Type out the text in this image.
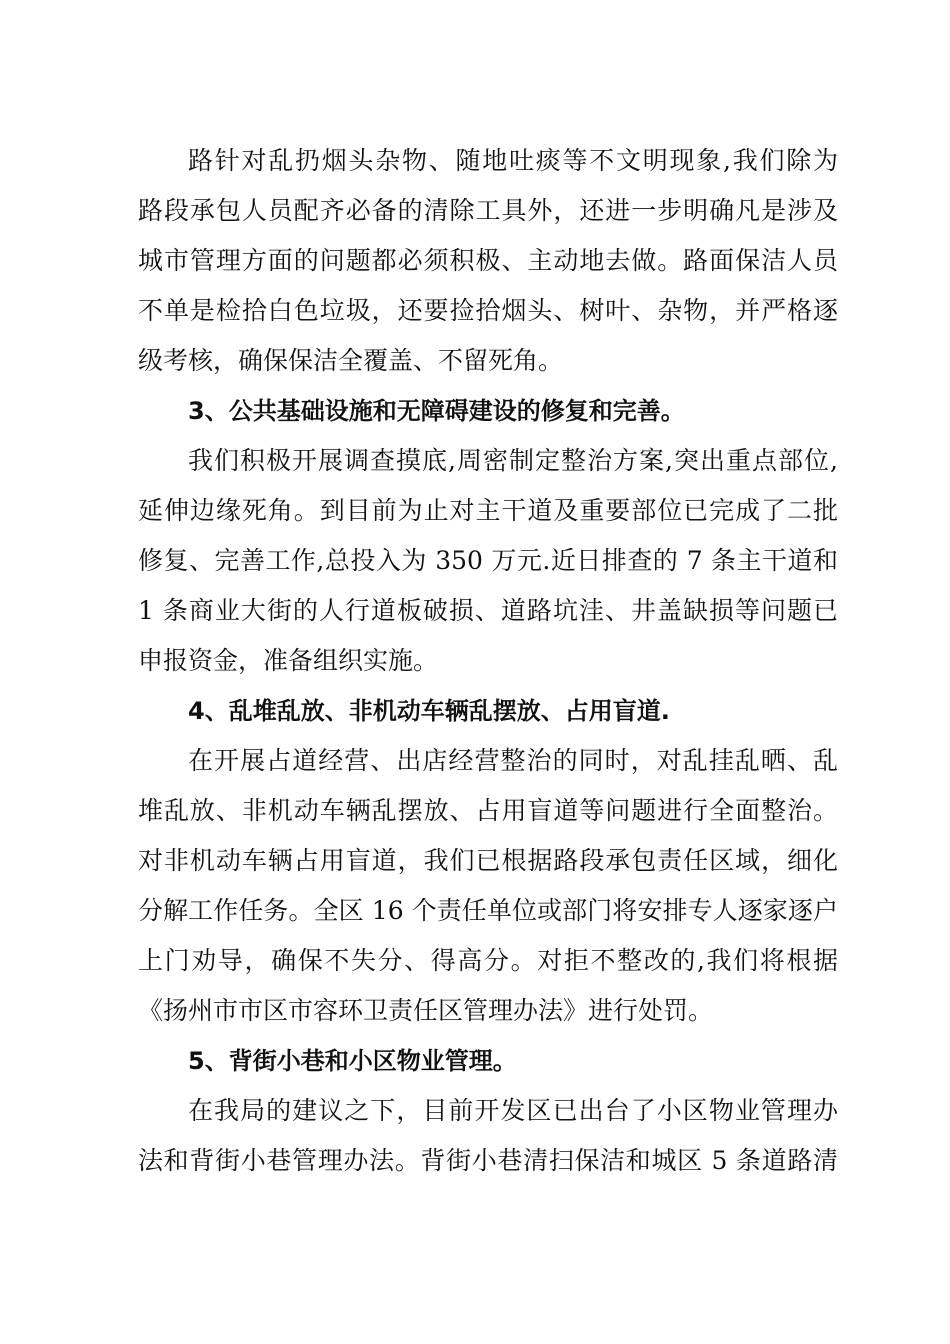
路针对乱扔烟头杂物、随地吐痰等不文明现象,我们除为
路段承包人员配齐必备的清除工具外，还进一步明确凡是涉及
城市管理方面的问题都必须积极、主动地去做。路面保洁人员
不单是检拾白色垃圾，还要捡拾烟头、树叶、杂物，并严格逐
级考核，确保保洁全覆盖、不留死角。
3、公共基础设施和无障碍建设的修复和完善。
我们积极开展调查摸底,周密制定整治方案,突出重点部位,
延伸边缘死角。到目前为止对主干道及重要部位已完成了二批
修复、完善工作,总投入为 350 万元.近日排查的 7 条主干道和
1 条商业大街的人行道板破损、道路坑洼、井盖缺损等问题已
申报资金，准备组织实施。
4、乱堆乱放、非机动车辆乱摆放、占用盲道.
在开展占道经营、出店经营整治的同时，对乱挂乱晒、乱
堆乱放、非机动车辆乱摆放、占用盲道等问题进行全面整治。
对非机动车辆占用盲道，我们已根据路段承包责任区域，细化
分解工作任务。全区 16 个责任单位或部门将安排专人逐家逐户
上门劝导，确保不失分、得高分。对拒不整改的,我们将根据
《扬州市市区市容环卫责任区管理办法》进行处罚。
5、背街小巷和小区物业管理。
在我局的建议之下，目前开发区已出台了小区物业管理办
法和背街小巷管理办法。背街小巷清扫保洁和城区 5 条道路清
